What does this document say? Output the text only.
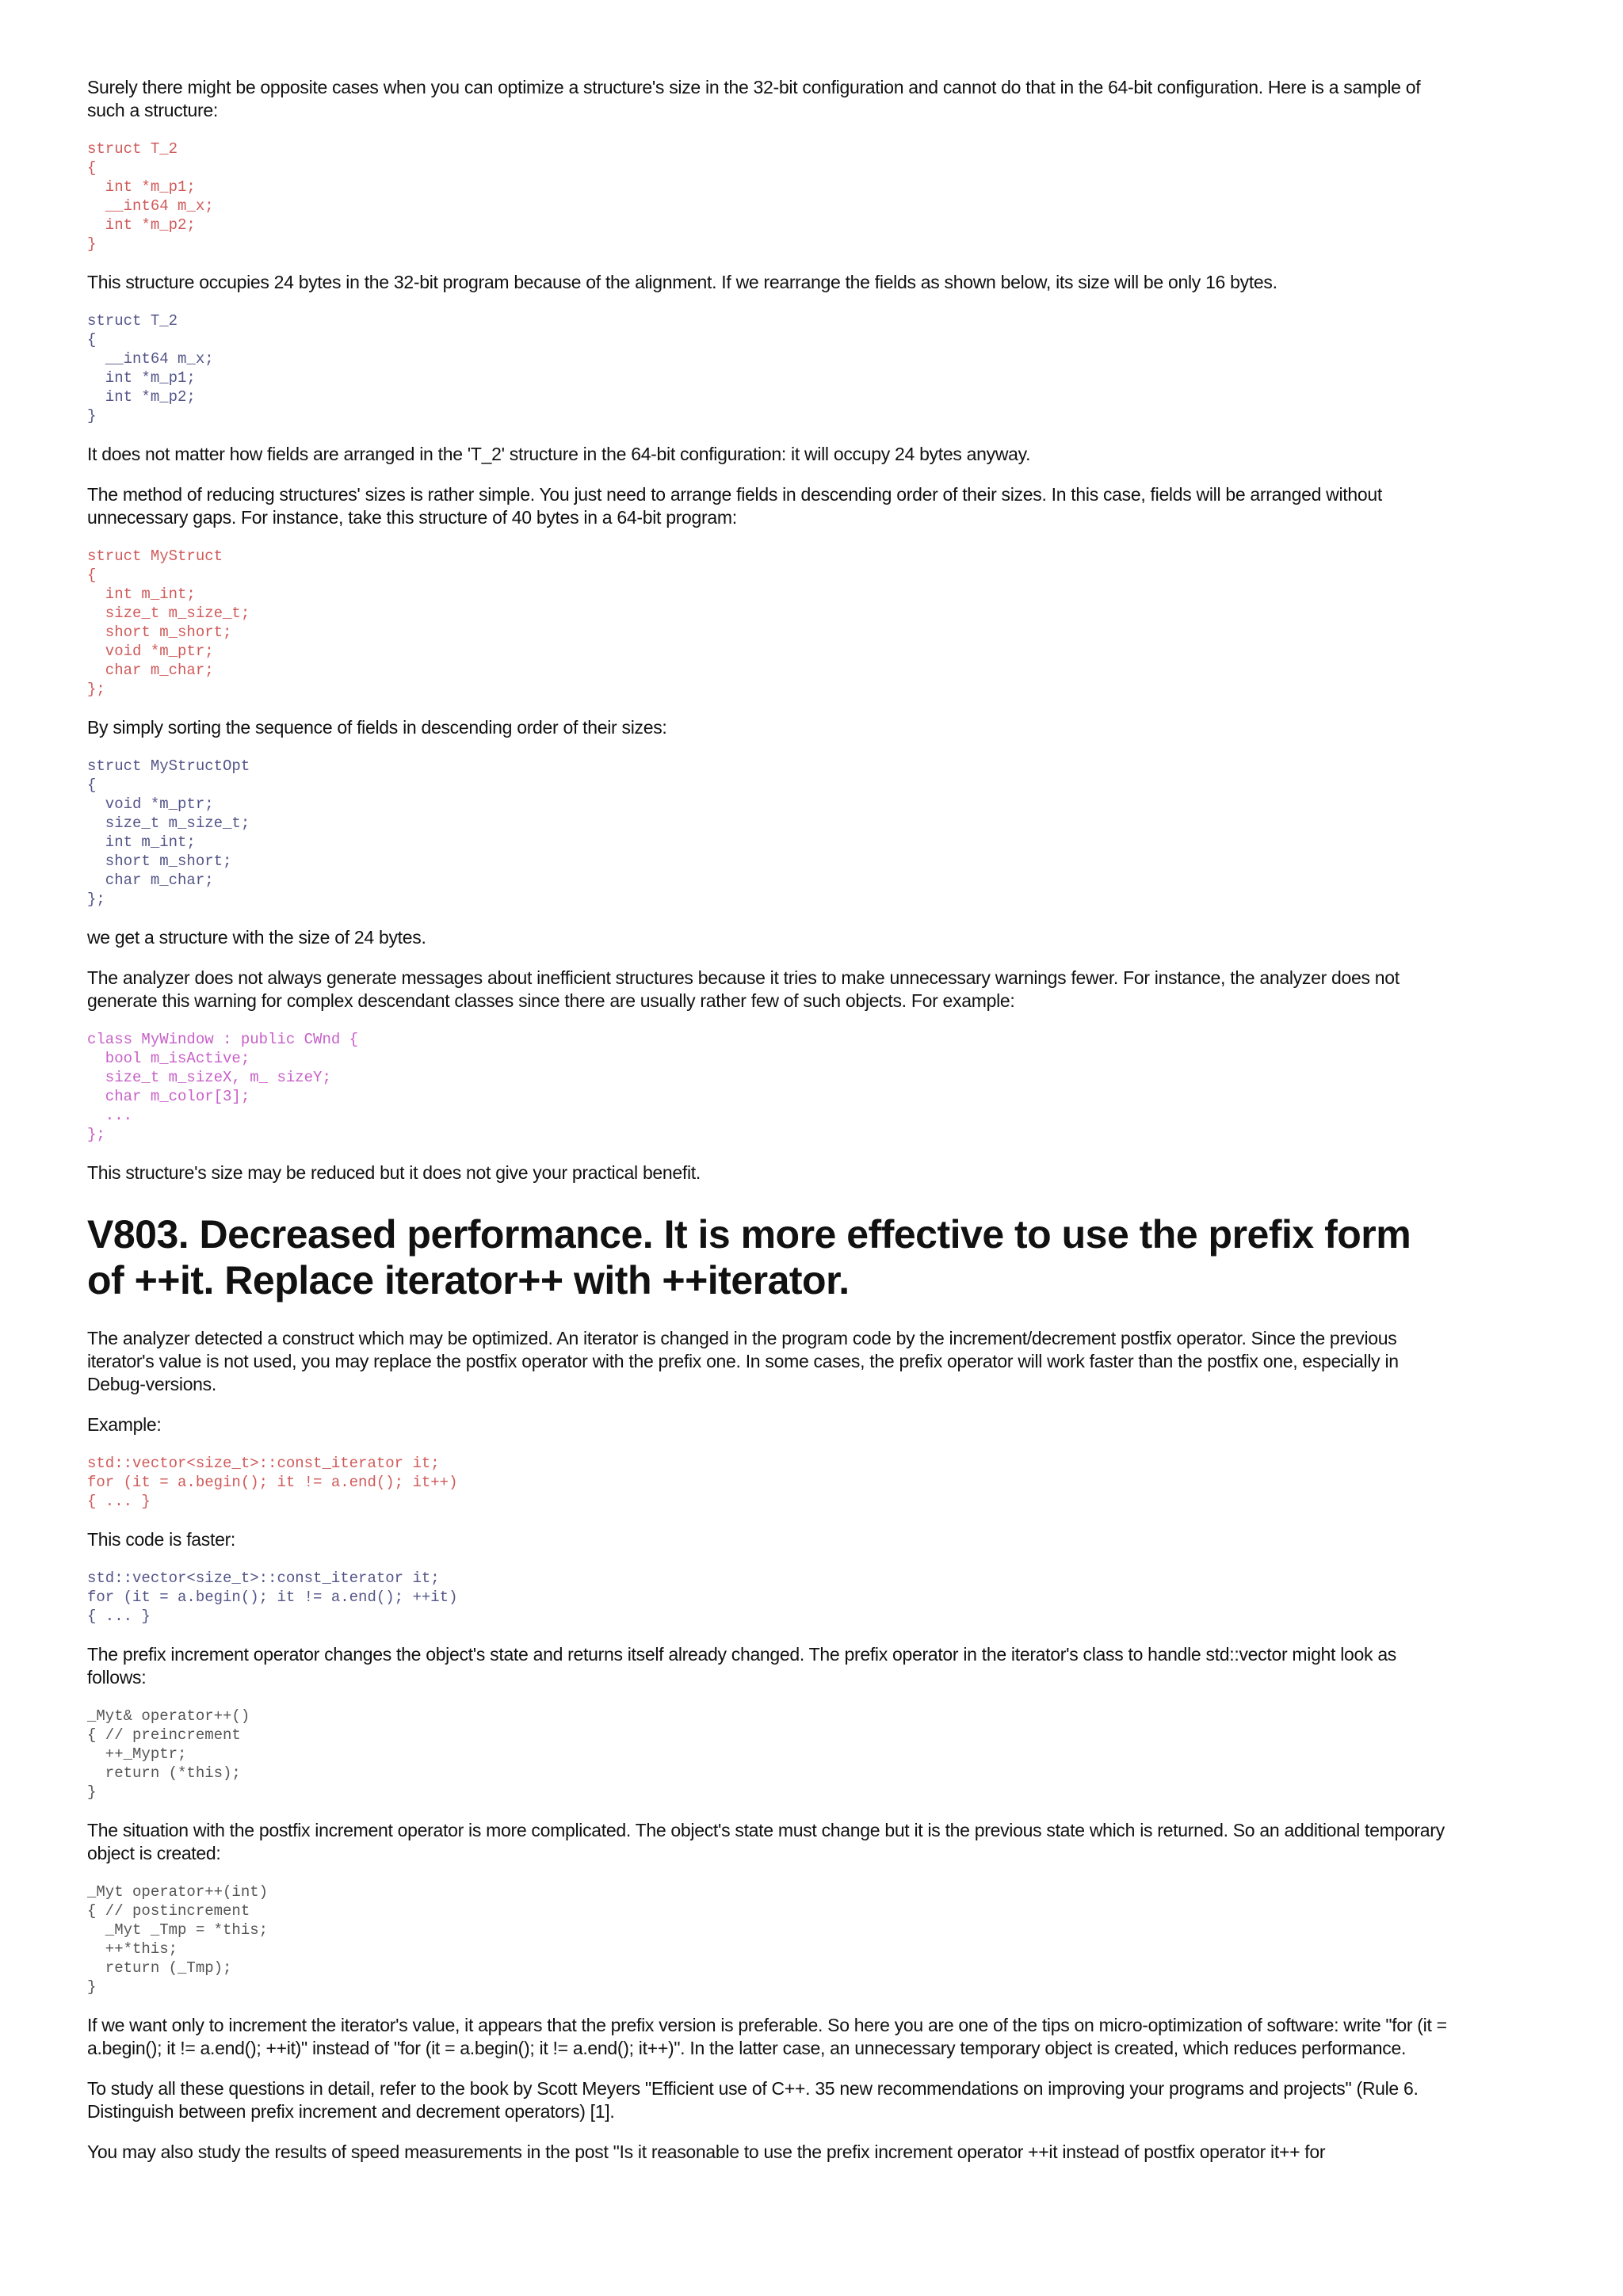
Surely there might be opposite cases when you can optimize a structure's size in the 32-bit configuration and cannot do that in the 64-bit configuration. Here is a sample of such a structure:

struct T_2
{
int *m_p1;
__int64 m_x;
int *m_p2;
}

This structure occupies 24 bytes in the 32-bit program because of the alignment. If we rearrange the fields as shown below, its size will be only 16 bytes.

struct T_2
{
__int64 m_x;
int *m_p1;
int *m_p2;
}

It does not matter how fields are arranged in the 'T_2' structure in the 64-bit configuration: it will occupy 24 bytes anyway.

The method of reducing structures' sizes is rather simple. You just need to arrange fields in descending order of their sizes. In this case, fields will be arranged without unnecessary gaps. For instance, take this structure of 40 bytes in a 64-bit program:

struct MyStruct
{
int m_int;
size_t m_size_t;
short m_short;
void *m_ptr;
char m_char;
};

By simply sorting the sequence of fields in descending order of their sizes:

struct MyStructOpt
{
void *m_ptr;
size_t m_size_t;
int m_int;
short m_short;
char m_char;
};

we get a structure with the size of 24 bytes.

The analyzer does not always generate messages about inefficient structures because it tries to make unnecessary warnings fewer. For instance, the analyzer does not generate this warning for complex descendant classes since there are usually rather few of such objects. For example:

class MyWindow : public CWnd {
bool m_isActive;
size_t m_sizeX, m_ sizeY;
char m_color[3];
...
};

This structure's size may be reduced but it does not give your practical benefit.

V803. Decreased performance. It is more effective to use the prefix form of ++it. Replace iterator++ with ++iterator.

The analyzer detected a construct which may be optimized. An iterator is changed in the program code by the increment/decrement postfix operator. Since the previous iterator's value is not used, you may replace the postfix operator with the prefix one. In some cases, the prefix operator will work faster than the postfix one, especially in Debug-versions.

Example:

std::vector<size_t>::const_iterator it;
for (it = a.begin(); it != a.end(); it++)
{ ... }

This code is faster:

std::vector<size_t>::const_iterator it;
for (it = a.begin(); it != a.end(); ++it)
{ ... }

The prefix increment operator changes the object's state and returns itself already changed. The prefix operator in the iterator's class to handle std::vector might look as follows:

_Myt& operator++()
{ // preincrement
++_Myptr;
return (*this);
}

The situation with the postfix increment operator is more complicated. The object's state must change but it is the previous state which is returned. So an additional temporary object is created:

_Myt operator++(int)
{ // postincrement
_Myt _Tmp = *this;
++*this;
return (_Tmp);
}

If we want only to increment the iterator's value, it appears that the prefix version is preferable. So here you are one of the tips on micro-optimization of software: write "for (it = a.begin(); it != a.end(); ++it)" instead of "for (it = a.begin(); it != a.end(); it++)". In the latter case, an unnecessary temporary object is created, which reduces performance.

To study all these questions in detail, refer to the book by Scott Meyers "Efficient use of C++. 35 new recommendations on improving your programs and projects" (Rule 6. Distinguish between prefix increment and decrement operators) [1].

You may also study the results of speed measurements in the post "Is it reasonable to use the prefix increment operator ++it instead of postfix operator it++ for
